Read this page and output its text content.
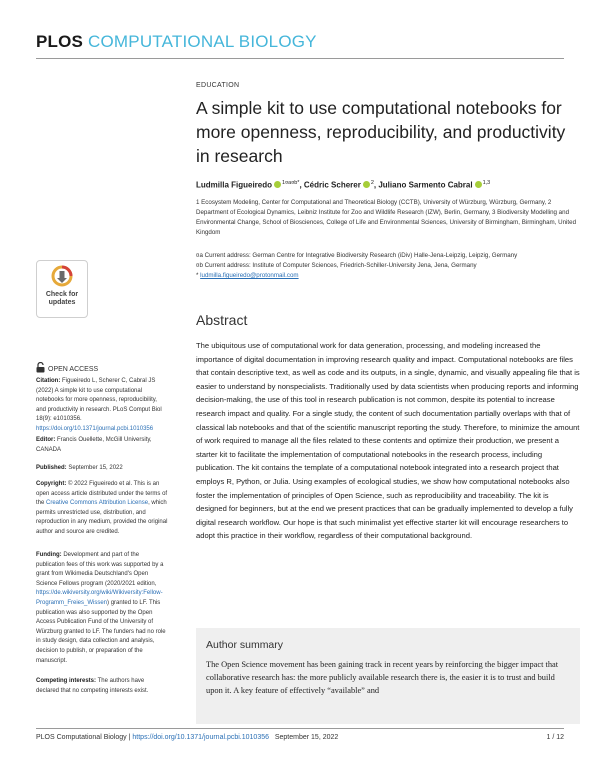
PLOS COMPUTATIONAL BIOLOGY
EDUCATION
A simple kit to use computational notebooks for more openness, reproducibility, and productivity in research
Ludmilla Figueiredo $^{1¤a¤b*}$, Cédric Scherer $^2$, Juliano Sarmento Cabral $^{1,3}$
1 Ecosystem Modeling, Center for Computational and Theoretical Biology (CCTB), University of Würzburg, Würzburg, Germany, 2 Department of Ecological Dynamics, Leibniz Institute for Zoo and Wildlife Research (IZW), Berlin, Germany, 3 Biodiversity Modelling and Environmental Change, School of Biosciences, College of Life and Environmental Sciences, University of Birmingham, Birmingham, United Kingdom
¤a Current address: German Centre for Integrative Biodiversity Research (iDiv) Halle-Jena-Leipzig, Leipzig, Germany
¤b Current address: Institute of Computer Sciences, Friedrich-Schiller-University Jena, Jena, Germany
* ludmilla.figueiredo@protonmail.com
Check for
updates
OPEN ACCESS
Citation: Figueiredo L, Scherer C, Cabral JS (2022) A simple kit to use computational notebooks for more openness, reproducibility, and productivity in research. PLoS Comput Biol 18(9): e1010356. https://doi.org/10.1371/journal.pcbi.1010356
Editor: Francis Ouellette, McGill University, CANADA
Published: September 15, 2022
Copyright: © 2022 Figueiredo et al. This is an open access article distributed under the terms of the Creative Commons Attribution License, which permits unrestricted use, distribution, and reproduction in any medium, provided the original author and source are credited.
Funding: Development and part of the publication fees of this work was supported by a grant from Wikimedia Deutschland's Open Science Fellows program (2020/2021 edition, https://de.wikiversity.org/wiki/Wikiversity:Fellow-Programm_Freies_Wissen) granted to LF. This publication was also supported by the Open Access Publication Fund of the University of Würzburg granted to LF. The funders had no role in study design, data collection and analysis, decision to publish, or preparation of the manuscript.
Competing interests: The authors have declared that no competing interests exist.
Abstract
The ubiquitous use of computational work for data generation, processing, and modeling increased the importance of digital documentation in improving research quality and impact. Computational notebooks are files that contain descriptive text, as well as code and its outputs, in a single, dynamic, and visually appealing file that is easier to understand by nonspecialists. Traditionally used by data scientists when producing reports and informing decision-making, the use of this tool in research publication is not common, despite its potential to increase research impact and quality. For a single study, the content of such documentation partially overlaps with that of classical lab notebooks and that of the scientific manuscript reporting the study. Therefore, to minimize the amount of work required to manage all the files related to these contents and optimize their production, we present a starter kit to facilitate the implementation of computational notebooks in the research process, including publication. The kit contains the template of a computational notebook integrated into a research project that employs R, Python, or Julia. Using examples of ecological studies, we show how computational notebooks also foster the implementation of principles of Open Science, such as reproducibility and traceability. The kit is designed for beginners, but at the end we present practices that can be gradually implemented to develop a fully digital research workflow. Our hope is that such minimalist yet effective starter kit will encourage researchers to adopt this practice in their workflow, regardless of their computational background.
Author summary
The Open Science movement has been gaining track in recent years by reinforcing the bigger impact that collaborative research has: the more publicly available research there is, the easier it is to trust and build upon it. A key feature of effectively “available” and
PLOS Computational Biology | https://doi.org/10.1371/journal.pcbi.1010356 September 15, 2022	1 / 12
